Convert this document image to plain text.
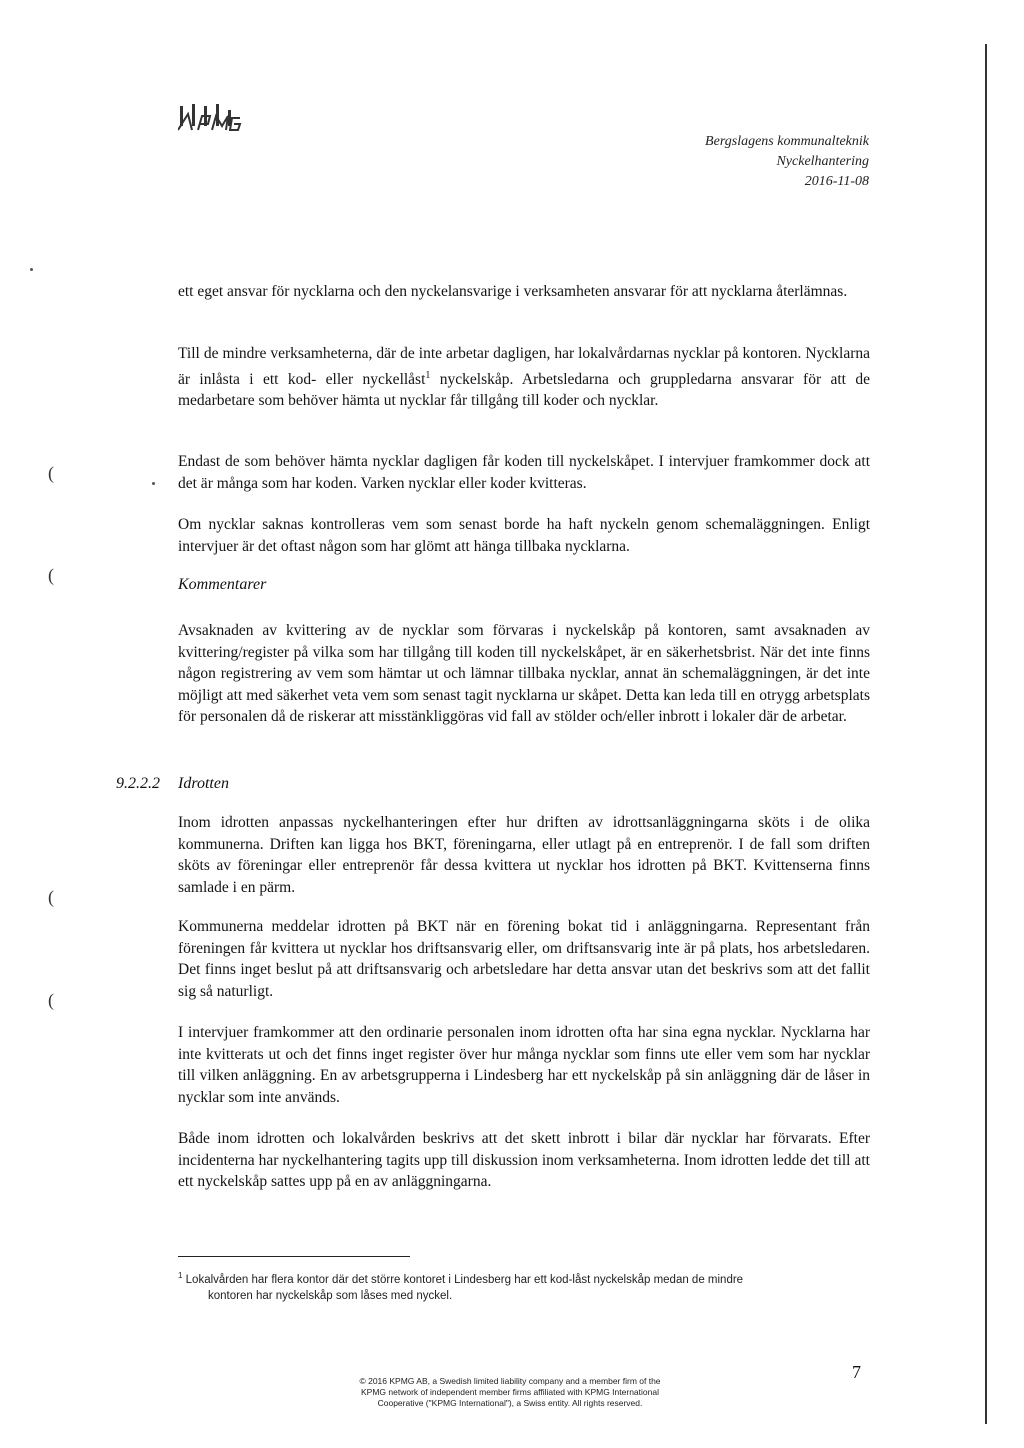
Bergslagens kommunalteknik
Nyckelhantering
2016-11-08
(
(
(
(

ett eget ansvar för nycklarna och den nyckelansvarige i verksamheten ansvarar för att nycklarna återlämnas.

Till de mindre verksamheterna, där de inte arbetar dagligen, har lokalvårdarnas nycklar på kontoren. Nycklarna är inlåsta i ett kod- eller nyckellåst$^1$ nyckelskåp. Arbetsledarna och gruppledarna ansvarar för att de medarbetare som behöver hämta ut nycklar får tillgång till koder och nycklar.

Endast de som behöver hämta nycklar dagligen får koden till nyckelskåpet. I intervjuer framkommer dock att det är många som har koden. Varken nycklar eller koder kvitteras.

Om nycklar saknas kontrolleras vem som senast borde ha haft nyckeln genom schemaläggningen. Enligt intervjuer är det oftast någon som har glömt att hänga tillbaka nycklarna.

Kommentarer

Avsaknaden av kvittering av de nycklar som förvaras i nyckelskåp på kontoren, samt avsaknaden av kvittering/register på vilka som har tillgång till koden till nyckelskåpet, är en säkerhetsbrist. När det inte finns någon registrering av vem som hämtar ut och lämnar tillbaka nycklar, annat än schemaläggningen, är det inte möjligt att med säkerhet veta vem som senast tagit nycklarna ur skåpet. Detta kan leda till en otrygg arbetsplats för personalen då de riskerar att misstänkliggöras vid fall av stölder och/eller inbrott i lokaler där de arbetar.

9.2.2.2 Idrotten

Inom idrotten anpassas nyckelhanteringen efter hur driften av idrottsanläggningarna sköts i de olika kommunerna. Driften kan ligga hos BKT, föreningarna, eller utlagt på en entreprenör. I de fall som driften sköts av föreningar eller entreprenör får dessa kvittera ut nycklar hos idrotten på BKT. Kvittenserna finns samlade i en pärm.

Kommunerna meddelar idrotten på BKT när en förening bokat tid i anläggningarna. Representant från föreningen får kvittera ut nycklar hos driftsansvarig eller, om driftsansvarig inte är på plats, hos arbetsledaren. Det finns inget beslut på att driftsansvarig och arbetsledare har detta ansvar utan det beskrivs som att det fallit sig så naturligt.

I intervjuer framkommer att den ordinarie personalen inom idrotten ofta har sina egna nycklar. Nycklarna har inte kvitterats ut och det finns inget register över hur många nycklar som finns ute eller vem som har nycklar till vilken anläggning. En av arbetsgrupperna i Lindesberg har ett nyckelskåp på sin anläggning där de låser in nycklar som inte används.

Både inom idrotten och lokalvården beskrivs att det skett inbrott i bilar där nycklar har förvarats. Efter incidenterna har nyckelhantering tagits upp till diskussion inom verksamheterna. Inom idrotten ledde det till att ett nyckelskåp sattes upp på en av anläggningarna.

$^1$ Lokalvården har flera kontor där det större kontoret i Lindesberg har ett kod-låst nyckelskåp medan de mindre
kontoren har nyckelskåp som låses med nyckel.
© 2016 KPMG AB, a Swedish limited liability company and a member firm of the
KPMG network of independent member firms affiliated with KPMG International
Cooperative ("KPMG International"), a Swiss entity. All rights reserved.
7
